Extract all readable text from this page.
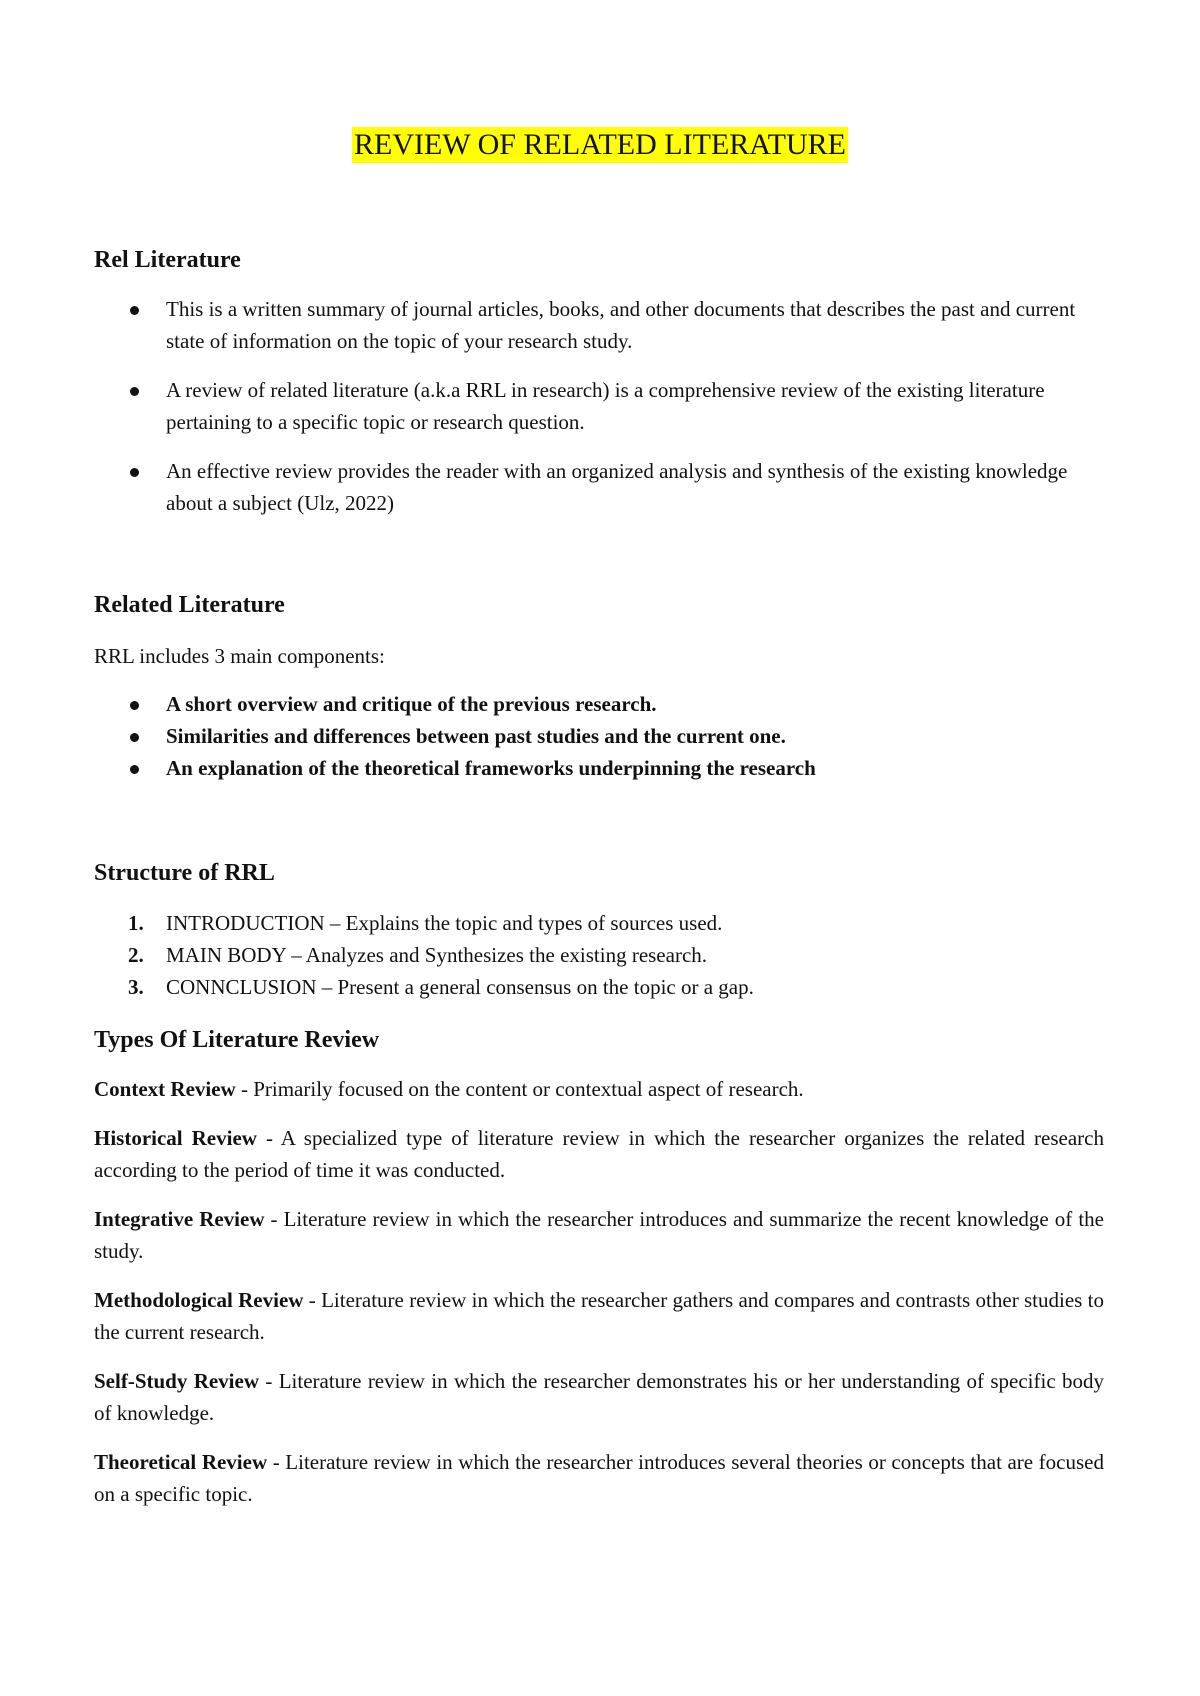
REVIEW OF RELATED LITERATURE
Rel Literature
This is a written summary of journal articles, books, and other documents that describes the past and current state of information on the topic of your research study.
A review of related literature (a.k.a RRL in research) is a comprehensive review of the existing literature pertaining to a specific topic or research question.
An effective review provides the reader with an organized analysis and synthesis of the existing knowledge about a subject (Ulz, 2022)
Related Literature

RRL includes 3 main components:

A short overview and critique of the previous research.
Similarities and differences between past studies and the current one.
An explanation of the theoretical frameworks underpinning the research
Structure of RRL
1. INTRODUCTION – Explains the topic and types of sources used.
2. MAIN BODY – Analyzes and Synthesizes the existing research.
3. CONNCLUSION – Present a general consensus on the topic or a gap.
Types Of Literature Review

Context Review - Primarily focused on the content or contextual aspect of research.

Historical Review - A specialized type of literature review in which the researcher organizes the related research according to the period of time it was conducted.

Integrative Review - Literature review in which the researcher introduces and summarize the recent knowledge of the study.

Methodological Review - Literature review in which the researcher gathers and compares and contrasts other studies to the current research.

Self-Study Review - Literature review in which the researcher demonstrates his or her understanding of specific body of knowledge.

Theoretical Review - Literature review in which the researcher introduces several theories or concepts that are focused on a specific topic.
